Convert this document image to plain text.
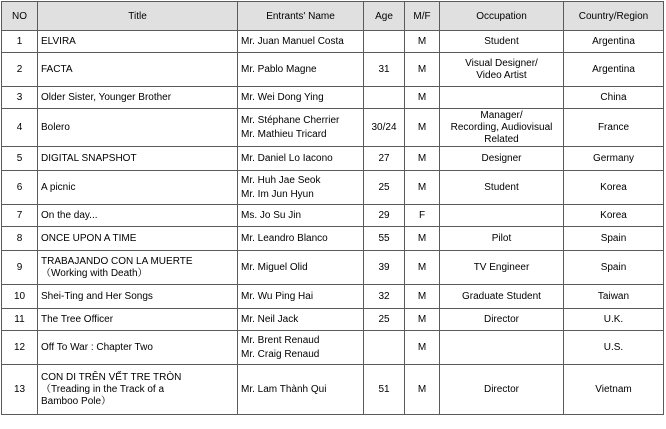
NO	Title	Entrants' Name	Age	M/F	Occupation	Country/Region
1	ELVIRA	Mr. Juan Manuel Costa		M	Student	Argentina
2	FACTA	Mr. Pablo Magne	31	M	Visual Designer/
Video Artist	Argentina
3	Older Sister, Younger Brother	Mr. Wei Dong Ying		M		China
4	Bolero	Mr. Stéphane Cherrier
Mr. Mathieu Tricard	30/24	M	Manager/
Recording, Audiovisual
Related	France
5	DIGITAL SNAPSHOT	Mr. Daniel Lo Iacono	27	M	Designer	Germany
6	A picnic	Mr. Huh Jae Seok
Mr. Im Jun Hyun	25	M	Student	Korea
7	On the day...	Ms. Jo Su Jin	29	F		Korea
8	ONCE UPON A TIME	Mr. Leandro Blanco	55	M	Pilot	Spain
9	TRABAJANDO CON LA MUERTE
（Working with Death）	Mr. Miguel Olid	39	M	TV Engineer	Spain
10	Shei-Ting and Her Songs	Mr. Wu Ping Hai	32	M	Graduate Student	Taiwan
11	The Tree Officer	Mr. Neil Jack	25	M	Director	U.K.
12	Off To War : Chapter Two	Mr. Brent Renaud
Mr. Craig Renaud		M		U.S.
13	CON DI TRÊN VẾT TRE TRÒN
（Treading in the Track of a
Bamboo Pole）	Mr. Lam Thành Qui	51	M	Director	Vietnam
